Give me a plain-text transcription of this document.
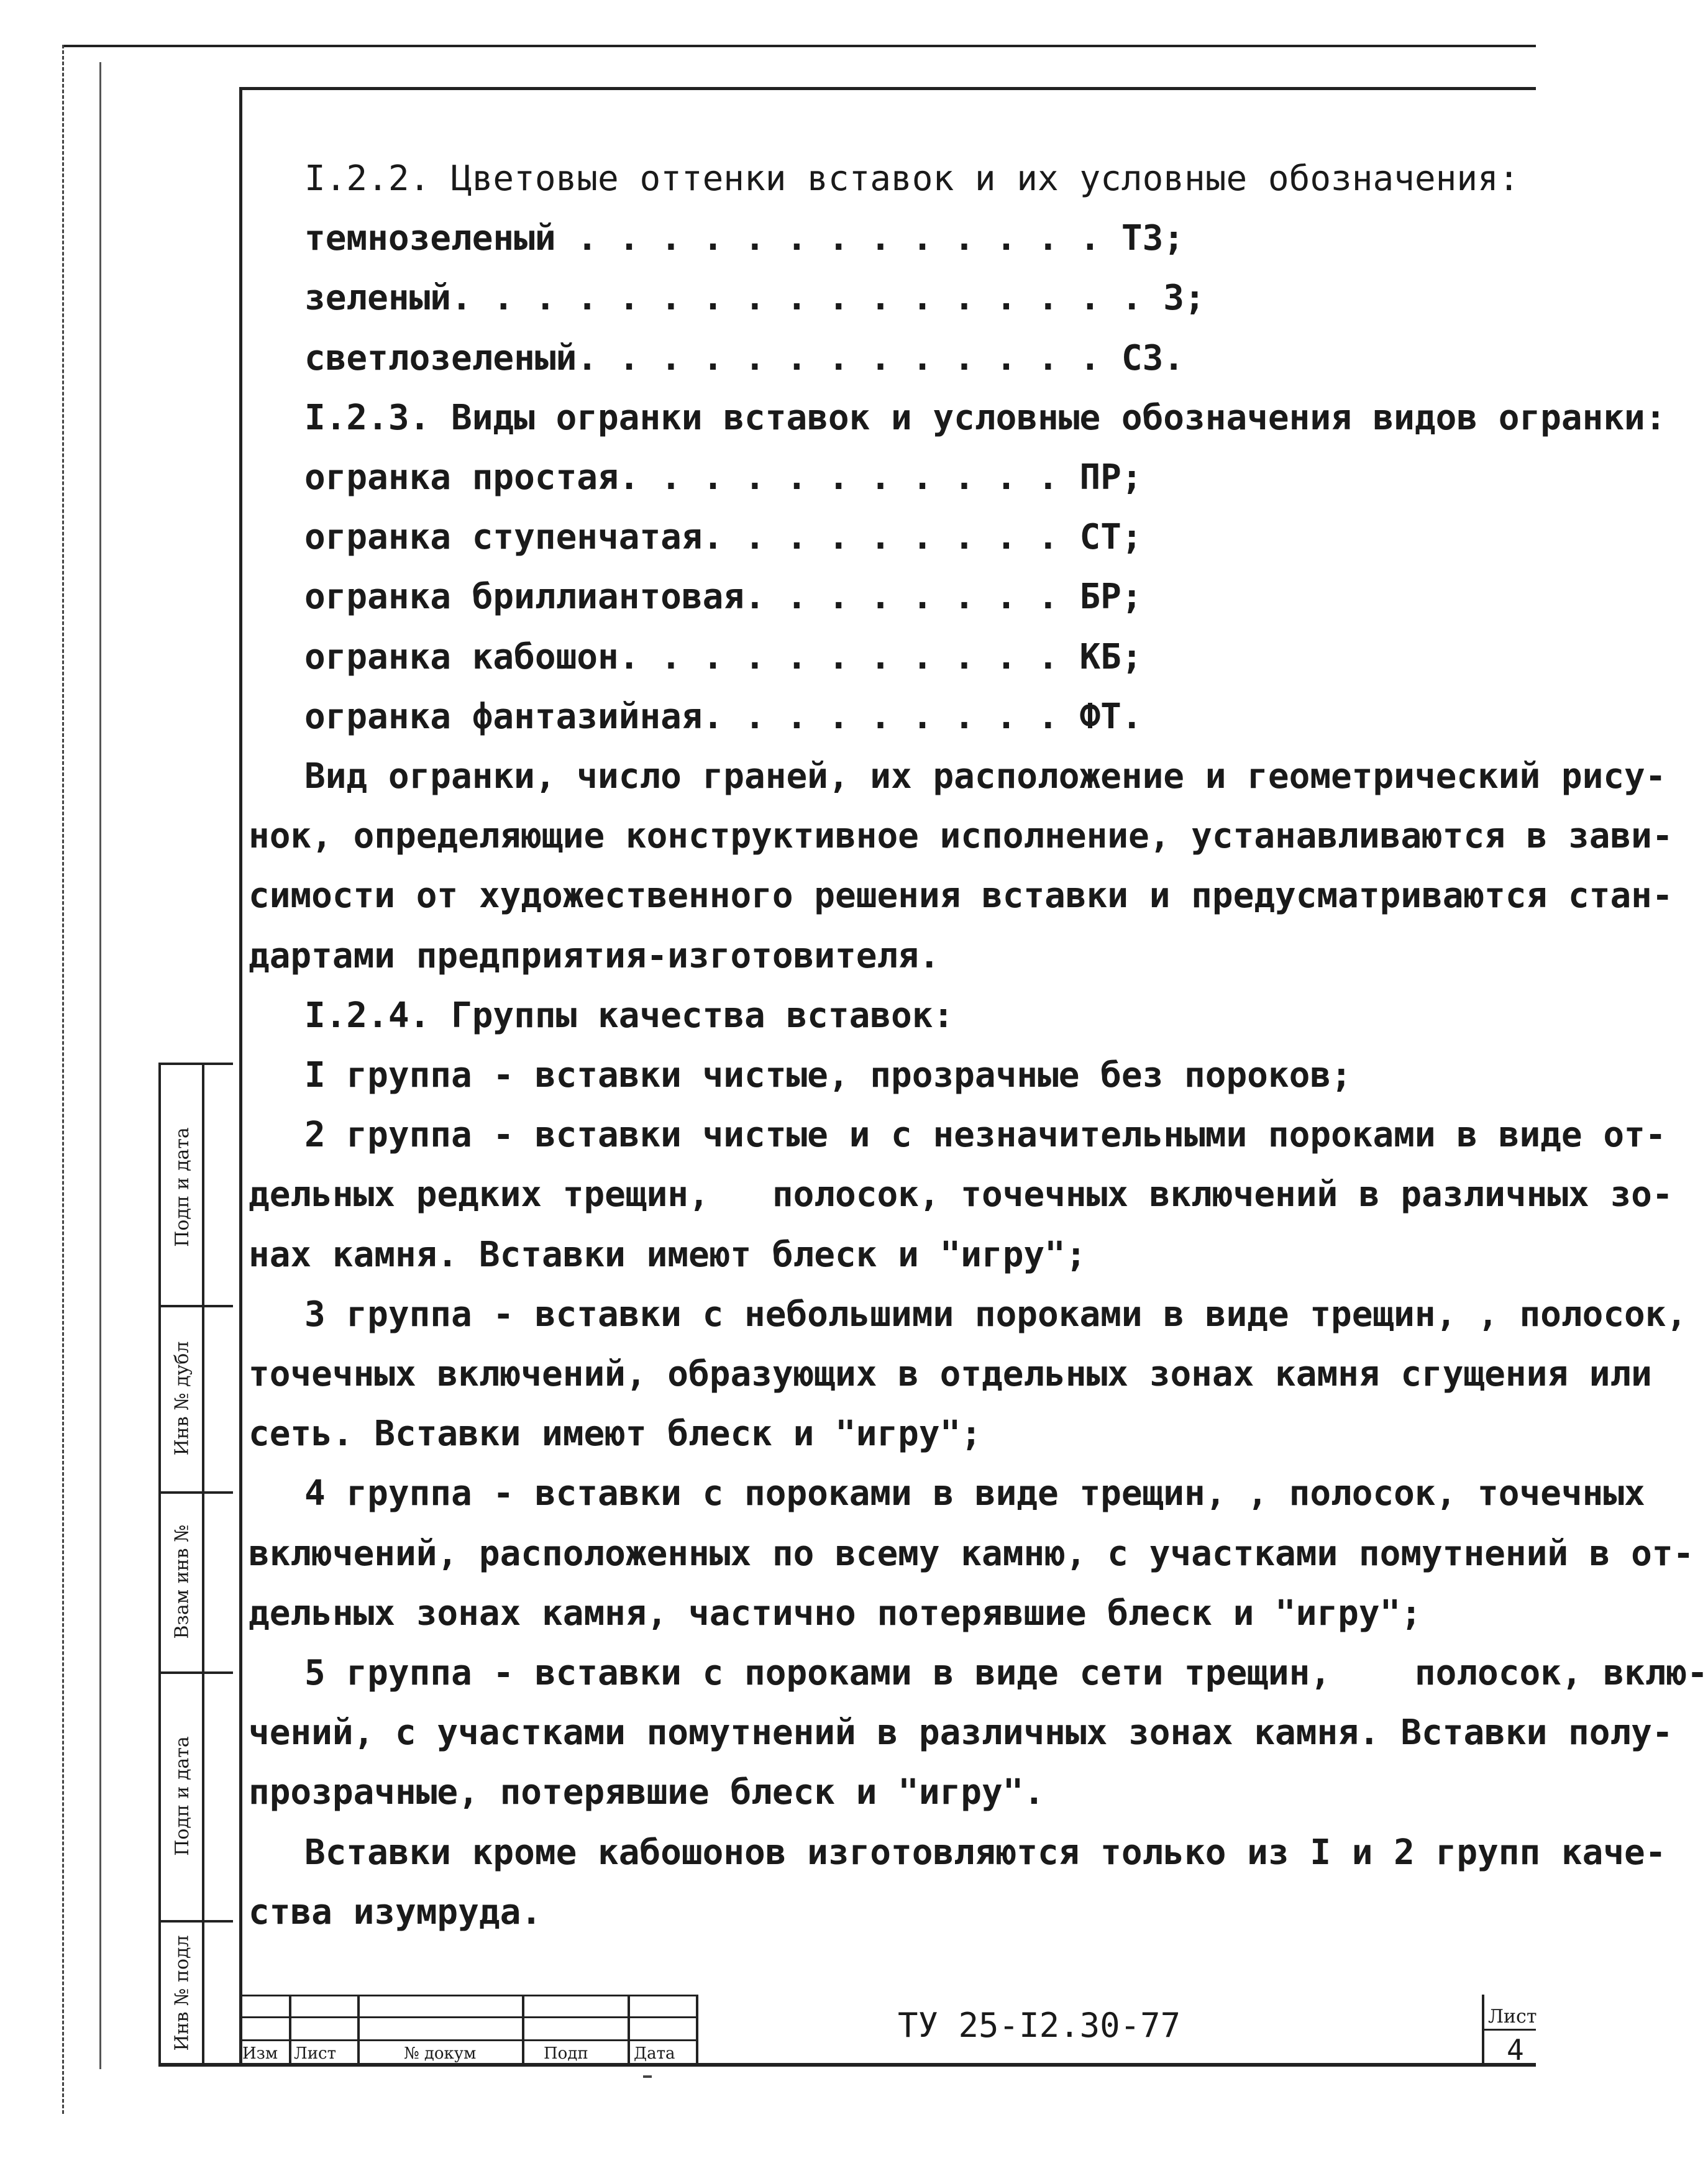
I.2.2. Цветовые оттенки вставок и их условные обозначения:
темнозеленый . . . . . . . . . . . . . ТЗ;
зеленый. . . . . . . . . . . . . . . . . З;
светлозеленый. . . . . . . . . . . . . СЗ.
I.2.3. Виды огранки вставок и условные обозначения видов огранки:
огранка простая. . . . . . . . . . . ПР;
огранка ступенчатая. . . . . . . . . СТ;
огранка бриллиантовая. . . . . . . . БР;
огранка кабошон. . . . . . . . . . . КБ;
огранка фантазийная. . . . . . . . . ФТ.
Вид огранки, число граней, их расположение и геометрический рису-
нок, определяющие конструктивное исполнение, устанавливаются в зави-
симости от художественного решения вставки и предусматриваются стан-
дартами предприятия-изготовителя.
I.2.4. Группы качества вставок:
I группа - вставки чистые, прозрачные без пороков;
2 группа - вставки чистые и с незначительными пороками в виде от-
дельных редких трещин,   полосок, точечных включений в различных зо-
нах камня. Вставки имеют блеск и "игру";
3 группа - вставки с небольшими пороками в виде трещин, , полосок,
точечных включений, образующих в отдельных зонах камня сгущения или
сеть. Вставки имеют блеск и "игру";
4 группа - вставки с пороками в виде трещин, , полосок, точечных
включений, расположенных по всему камню, с участками помутнений в от-
дельных зонах камня, частично потерявшие блеск и "игру";
5 группа - вставки с пороками в виде сети трещин,    полосок, вклю-
чений, с участками помутнений в различных зонах камня. Вставки полу-
прозрачные, потерявшие блеск и "игру".
Вставки кроме кабошонов изготовляются только из I и 2 групп каче-
ства изумруда.
Подп и дата
Инв № дубл
Взам инв №
Подп и дата
Инв № подл
Изм Лист	№ докум	Подп	Дата
ТУ 25-I2.30-77	Лист
4
